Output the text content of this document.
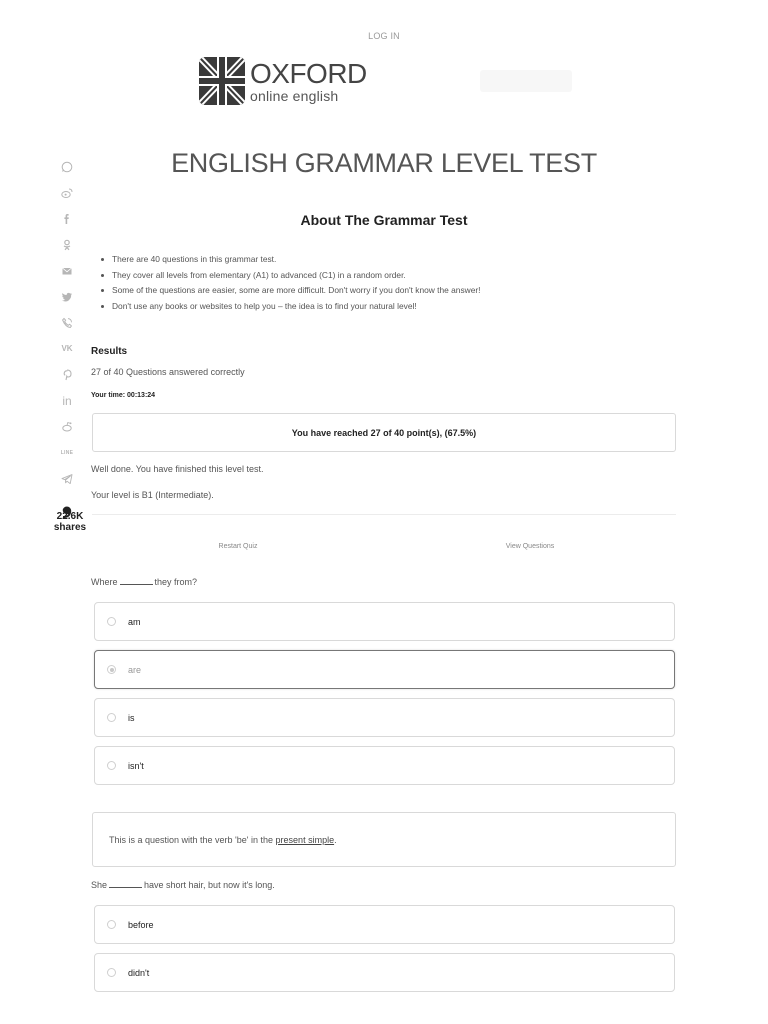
LOG IN
OXFORD
online english
VK
in
LINE
❟
22.6K
shares
ENGLISH GRAMMAR LEVEL TEST
About The Grammar Test
There are 40 questions in this grammar test.
They cover all levels from elementary (A1) to advanced (C1) in a random order.
Some of the questions are easier, some are more difficult. Don't worry if you don't know the answer!
Don't use any books or websites to help you – the idea is to find your natural level!
Results
27 of 40 Questions answered correctly
Your time: 00:13:24
You have reached 27 of 40 point(s), (67.5%)
Well done. You have finished this level test.
Your level is B1 (Intermediate).
Restart Quiz	View Questions
Where	they from?
am
are
is
isn't
This is a question with the verb 'be' in the
present simple .
She	have short hair, but now it's long.
before
didn't
